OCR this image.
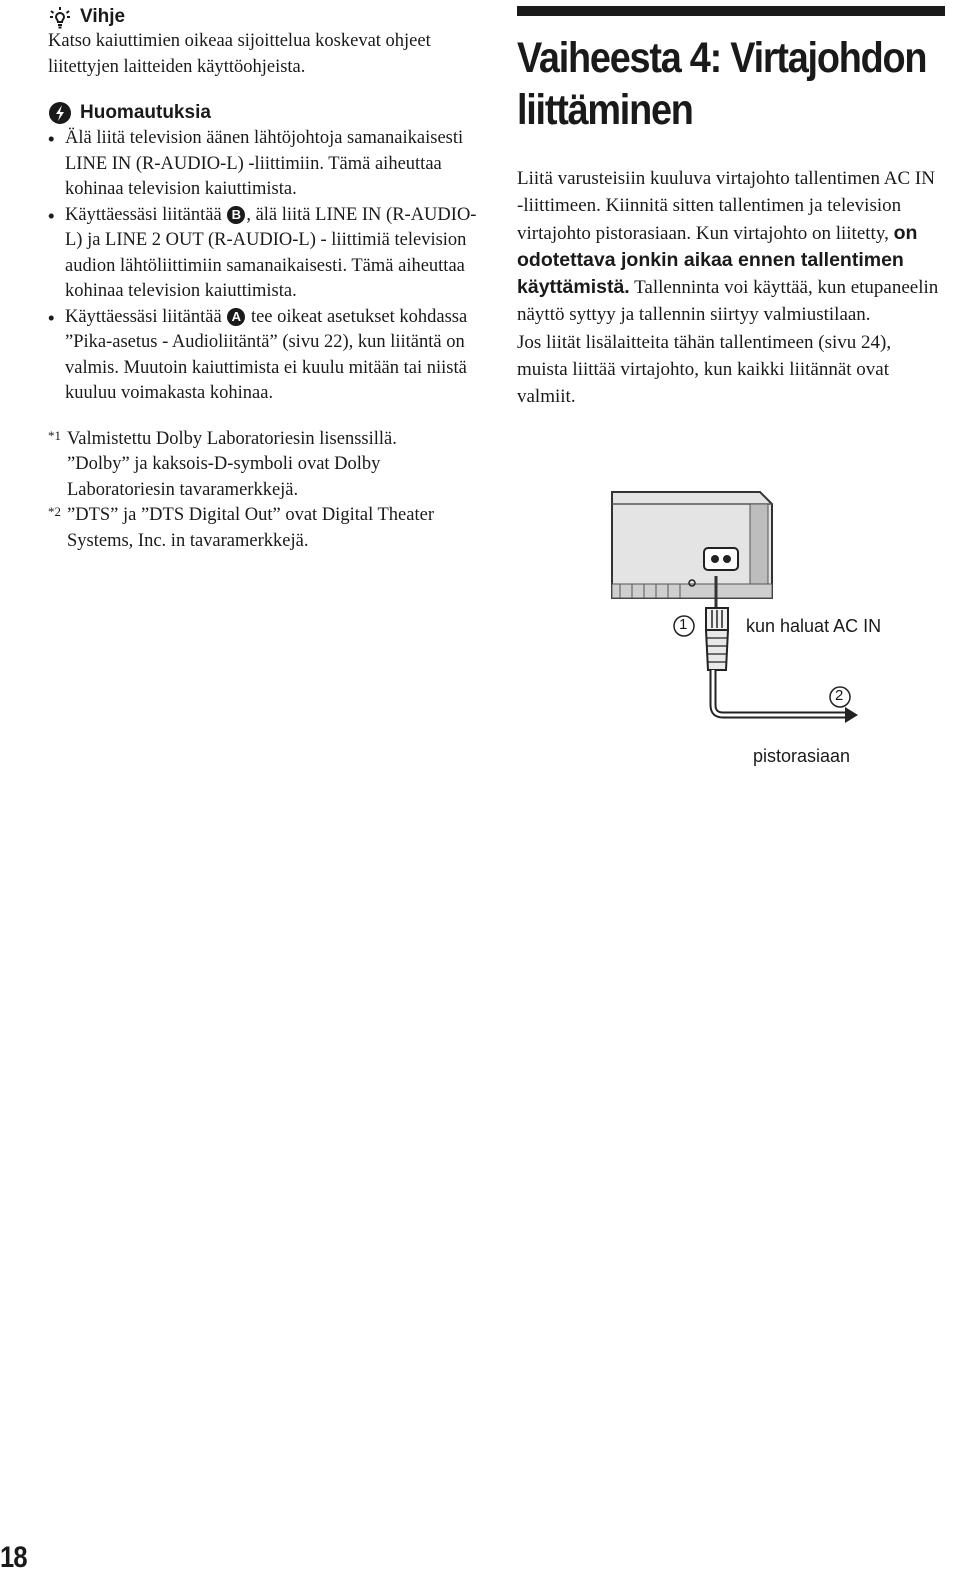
Vihje

Katso kaiuttimien oikeaa sijoittelua koskevat ohjeet liitettyjen laitteiden käyttöohjeista.

Huomautuksia
• Älä liitä television äänen lähtöjohtoja samanaikaisesti LINE IN (R-AUDIO-L) -liittimiin. Tämä aiheuttaa kohinaa television kaiuttimista.
• Käyttäessäsi liitäntää B , älä liitä LINE IN (R-AUDIO-L) ja LINE 2 OUT (R-AUDIO-L) - liittimiä television audion lähtöliittimiin samanaikaisesti. Tämä aiheuttaa kohinaa television kaiuttimista.
• Käyttäessäsi liitäntää A tee oikeat asetukset kohdassa ”Pika-asetus - Audioliitäntä” (sivu 22), kun liitäntä on valmis. Muutoin kaiuttimista ei kuulu mitään tai niistä kuuluu voimakasta kohinaa.
*1 Valmistettu Dolby Laboratoriesin lisenssillä.
”Dolby” ja kaksois-D-symboli ovat Dolby Laboratoriesin tavaramerkkejä.
*2 ”DTS” ja ”DTS Digital Out” ovat Digital Theater Systems, Inc. in tavaramerkkejä.
Vaiheesta 4: Virtajohdon
liittäminen
Liitä varusteisiin kuuluva virtajohto tallentimen AC IN -liittimeen. Kiinnitä sitten tallentimen ja television virtajohto pistorasiaan. Kun virtajohto on liitetty, on odotettava jonkin aikaa ennen tallentimen käyttämistä. Tallenninta voi käyttää, kun etupaneelin näyttö syttyy ja tallennin siirtyy valmiustilaan.
Jos liität lisälaitteita tähän tallentimeen (sivu 24), muista liittää virtajohto, kun kaikki liitännät ovat valmiit.
1	kun haluat AC IN
2
pistorasiaan
18
